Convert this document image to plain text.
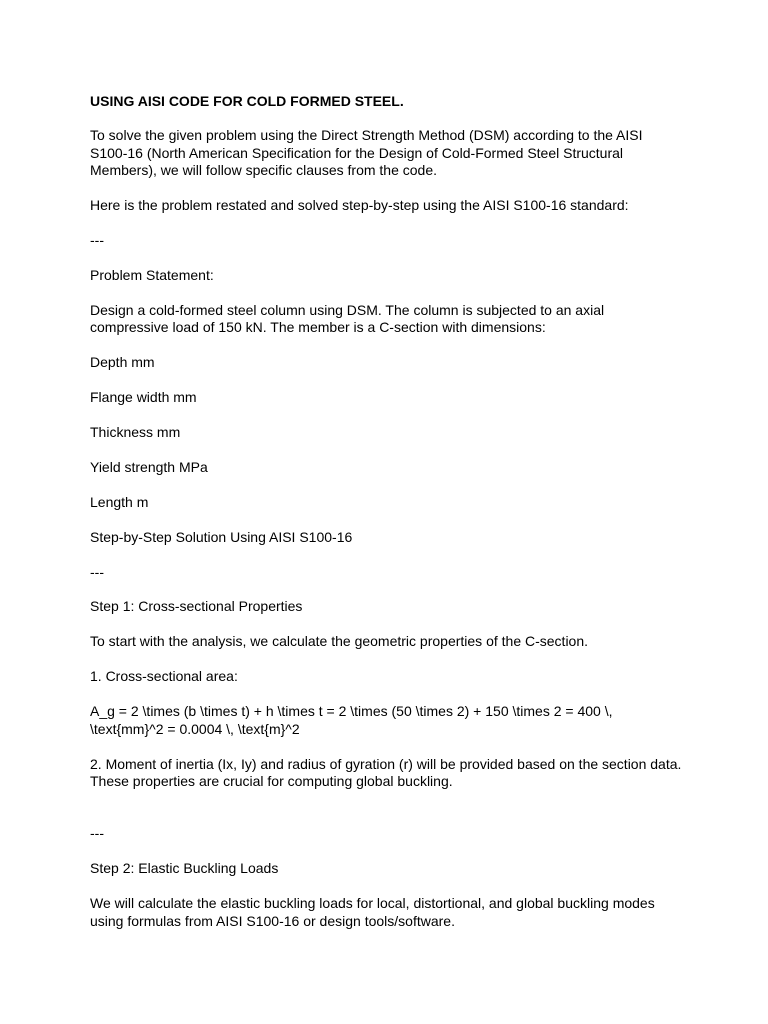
USING AISI CODE FOR COLD FORMED STEEL.

To solve the given problem using the Direct Strength Method (DSM) according to the AISI

S100-16 (North American Specification for the Design of Cold-Formed Steel Structural

Members), we will follow specific clauses from the code.

Here is the problem restated and solved step-by-step using the AISI S100-16 standard:

---

Problem Statement:

Design a cold-formed steel column using DSM. The column is subjected to an axial

compressive load of 150 kN. The member is a C-section with dimensions:

Depth mm

Flange width mm

Thickness mm

Yield strength MPa

Length m

Step-by-Step Solution Using AISI S100-16

---

Step 1: Cross-sectional Properties

To start with the analysis, we calculate the geometric properties of the C-section.

1. Cross-sectional area:

A_g = 2 \times (b \times t) + h \times t = 2 \times (50 \times 2) + 150 \times 2 = 400 \,

\text{mm}^2 = 0.0004 \, \text{m}^2

2. Moment of inertia (Ix, Iy) and radius of gyration (r) will be provided based on the section data.

These properties are crucial for computing global buckling.

---

Step 2: Elastic Buckling Loads

We will calculate the elastic buckling loads for local, distortional, and global buckling modes

using formulas from AISI S100-16 or design tools/software.
